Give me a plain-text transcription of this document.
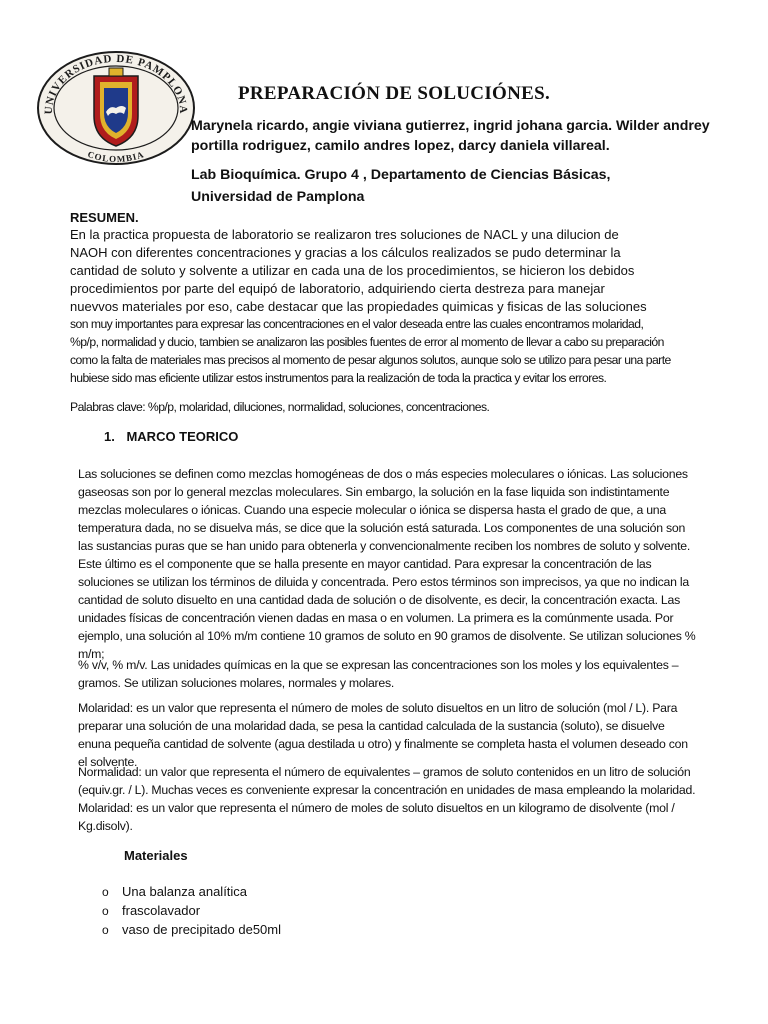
UNIVERSIDAD DE PAMPLONA
COLOMBIA
PREPARACIÓN DE SOLUCIÓNES.
Marynela ricardo, angie viviana gutierrez, ingrid johana garcia. Wilder andrey portilla rodriguez, camilo andres lopez, darcy daniela villareal.
Lab Bioquímica. Grupo 4 , Departamento de Ciencias Básicas, Universidad de Pamplona
RESUMEN.
En la practica propuesta de laboratorio se realizaron tres soluciones de NACL y una dilucion de
NAOH con diferentes concentraciones y gracias a los cálculos realizados se pudo determinar la
cantidad de soluto y solvente a utilizar en cada una de los procedimientos, se hicieron los debidos
procedimientos por parte del equipó de laboratorio, adquiriendo cierta destreza para manejar
nuevvos materiales por eso, cabe destacar que las propiedades quimicas y fisicas de las soluciones
son muy importantes para expresar las concentraciones en el valor deseada entre las cuales encontramos molaridad,
%p/p, normalidad y ducio, tambien se analizaron las posibles fuentes de error al momento de llevar a cabo su preparación
como la falta de materiales mas precisos al momento de pesar algunos solutos, aunque solo se utilizo para pesar una parte
hubiese sido mas eficiente utilizar estos instrumentos para la realización de toda la practica y evitar los errores.
Palabras clave: %p/p, molaridad, diluciones, normalidad, soluciones, concentraciones.
1. MARCO TEORICO
Las soluciones se definen como mezclas homogéneas de dos o más especies moleculares o iónicas. Las soluciones gaseosas son por lo general mezclas moleculares. Sin embargo, la solución en la fase liquida son indistintamente mezclas moleculares o iónicas. Cuando una especie molecular o iónica se dispersa hasta el grado de que, a una temperatura dada, no se disuelva más, se dice que la solución está saturada. Los componentes de una solución son las sustancias puras que se han unido para obtenerla y convencionalmente reciben los nombres de soluto y solvente. Este último es el componente que se halla presente en mayor cantidad. Para expresar la concentración de las soluciones se utilizan los términos de diluida y concentrada. Pero estos términos son imprecisos, ya que no indican la cantidad de soluto disuelto en una cantidad dada de solución o de disolvente, es decir, la concentración exacta. Las unidades físicas de concentración vienen dadas en masa o en volumen. La primera es la comúnmente usada. Por ejemplo, una solución al 10% m/m contiene 10 gramos de soluto en 90 gramos de disolvente. Se utilizan soluciones % m/m;
% v/v, % m/v. Las unidades químicas en la que se expresan las concentraciones son los moles y los equivalentes – gramos. Se utilizan soluciones molares, normales y molares.
Molaridad: es un valor que representa el número de moles de soluto disueltos en un litro de solución (mol / L). Para preparar una solución de una molaridad dada, se pesa la cantidad calculada de la sustancia (soluto), se disuelve enuna pequeña cantidad de solvente (agua destilada u otro) y finalmente se completa hasta el volumen deseado con el solvente.
Normalidad: un valor que representa el número de equivalentes – gramos de soluto contenidos en un litro de solución (equiv.gr. / L). Muchas veces es conveniente expresar la concentración en unidades de masa empleando la molaridad. Molaridad: es un valor que representa el número de moles de soluto disueltos en un kilogramo de disolvente (mol / Kg.disolv).
Materiales
o Una balanza analítica
o frascolavador
o vaso de precipitado de50ml
